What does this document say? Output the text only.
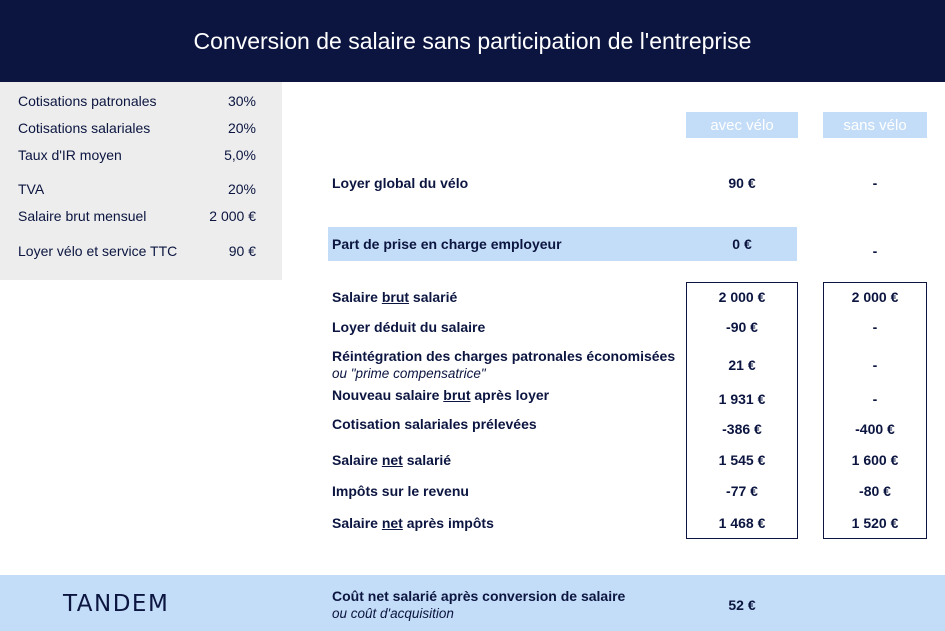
Conversion de salaire sans participation de l'entreprise
Cotisations patronales	30%
Cotisations salariales	20%
Taux d'IR moyen	5,0%
TVA	20%
Salaire brut mensuel	2 000 €
Loyer vélo et service TTC	90 €
avec vélo	sans vélo
Loyer global du vélo	90 €	-
Part de prise en charge employeur	0 €	-
Salaire brut salarié	2 000 €	2 000 €
Loyer déduit du salaire	-90 €	-
Réintégration des charges patronales économisées
ou "prime compensatrice"
21 €	-
Nouveau salaire brut après loyer	1 931 €	-
Cotisation salariales prélevées	-386 €	-400 €
Salaire net salarié	1 545 €	1 600 €
Impôts sur le revenu	-77 €	-80 €
Salaire net après impôts	1 468 €	1 520 €
TANDEM	Coût net salarié après conversion de salaire
ou coût d'acquisition
52 €
